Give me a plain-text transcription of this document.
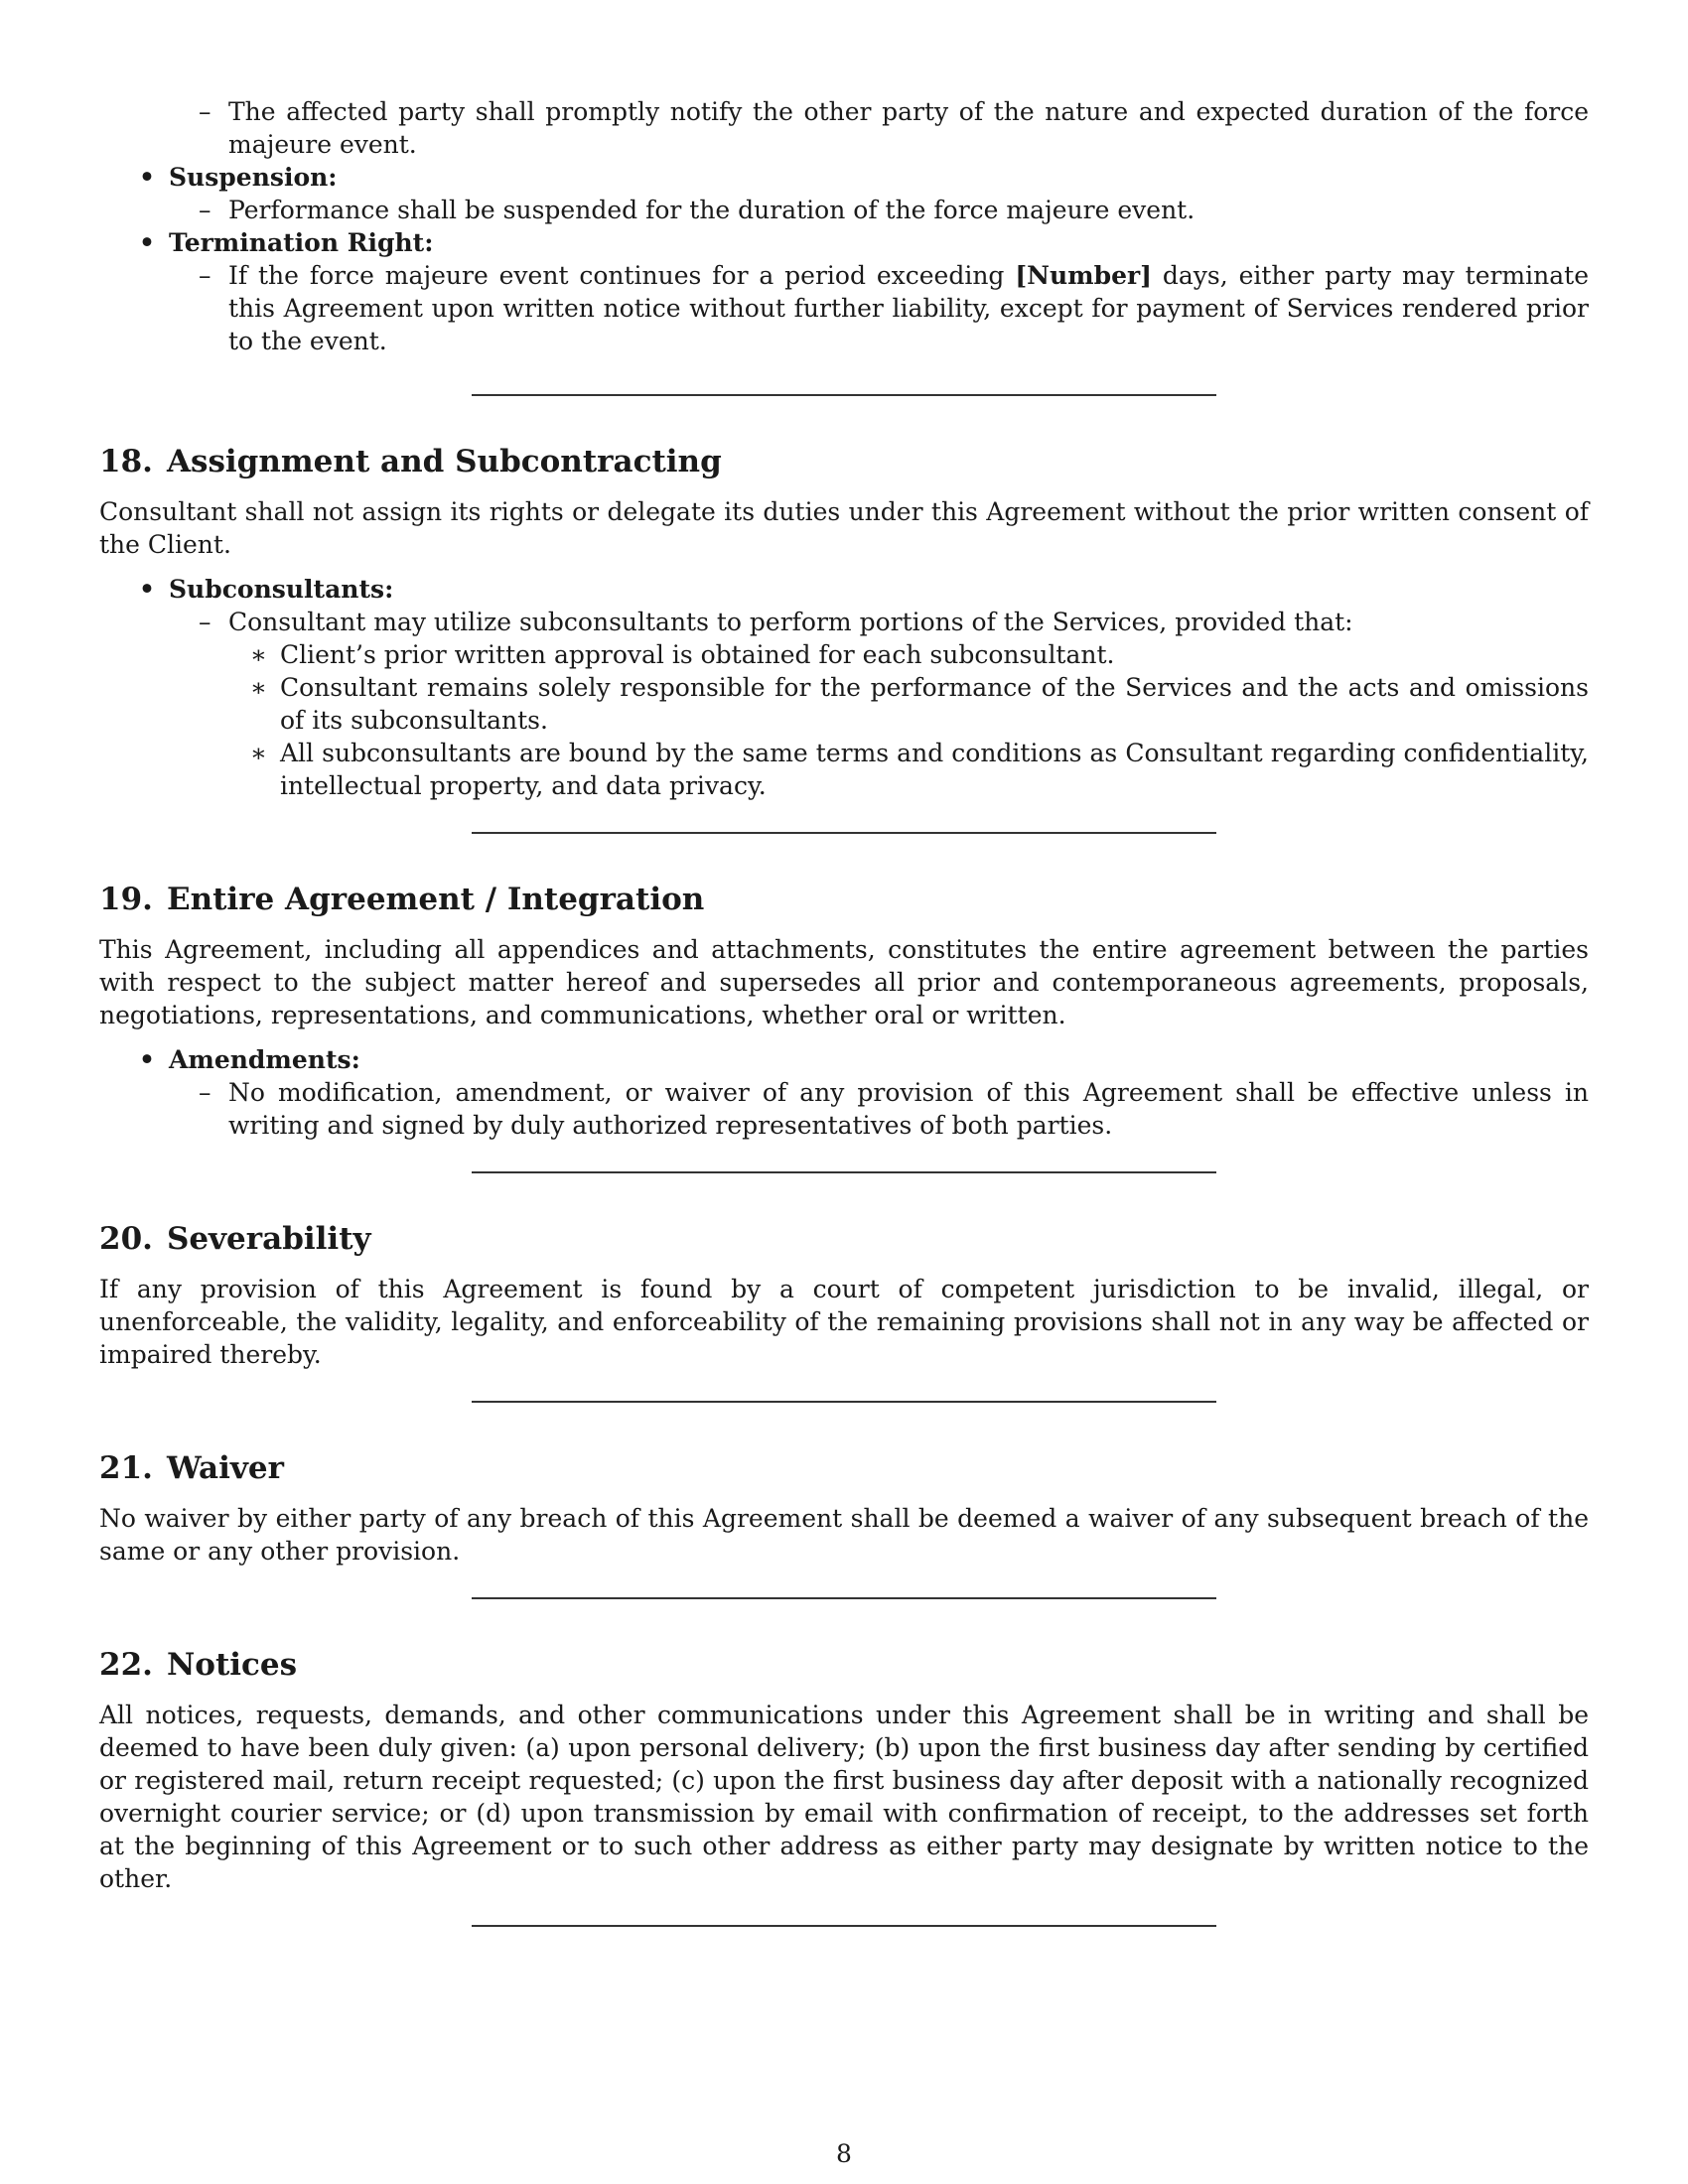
– The affected party shall promptly notify the other party of the nature and expected duration of the force majeure event.
• Suspension:
– Performance shall be suspended for the duration of the force majeure event.
• Termination Right:
– If the force majeure event continues for a period exceeding [Number] days, either party may terminate this Agreement upon written notice without further liability, except for payment of Services rendered prior to the event.
18. Assignment and Subcontracting

Consultant shall not assign its rights or delegate its duties under this Agreement without the prior written consent of the Client.

• Subconsultants:
– Consultant may utilize subconsultants to perform portions of the Services, provided that:
∗ Client’s prior written approval is obtained for each subconsultant.
∗ Consultant remains solely responsible for the performance of the Services and the acts and omissions of its subconsultants.
∗ All subconsultants are bound by the same terms and conditions as Consultant regarding confidentiality, intellectual property, and data privacy.
19. Entire Agreement / Integration

This Agreement, including all appendices and attachments, constitutes the entire agreement between the parties with respect to the subject matter hereof and supersedes all prior and contemporaneous agreements, proposals, negotiations, representations, and communications, whether oral or written.

• Amendments:
– No modification, amendment, or waiver of any provision of this Agreement shall be effective unless in writing and signed by duly authorized representatives of both parties.
20. Severability

If any provision of this Agreement is found by a court of competent jurisdiction to be invalid, illegal, or unenforceable, the validity, legality, and enforceability of the remaining provisions shall not in any way be affected or impaired thereby.

21. Waiver

No waiver by either party of any breach of this Agreement shall be deemed a waiver of any subsequent breach of the same or any other provision.

22. Notices

All notices, requests, demands, and other communications under this Agreement shall be in writing and shall be deemed to have been duly given: (a) upon personal delivery; (b) upon the first business day after sending by certified or registered mail, return receipt requested; (c) upon the first business day after deposit with a nationally recognized overnight courier service; or (d) upon transmission by email with confirmation of receipt, to the addresses set forth at the beginning of this Agreement or to such other address as either party may designate by written notice to the other.

8
